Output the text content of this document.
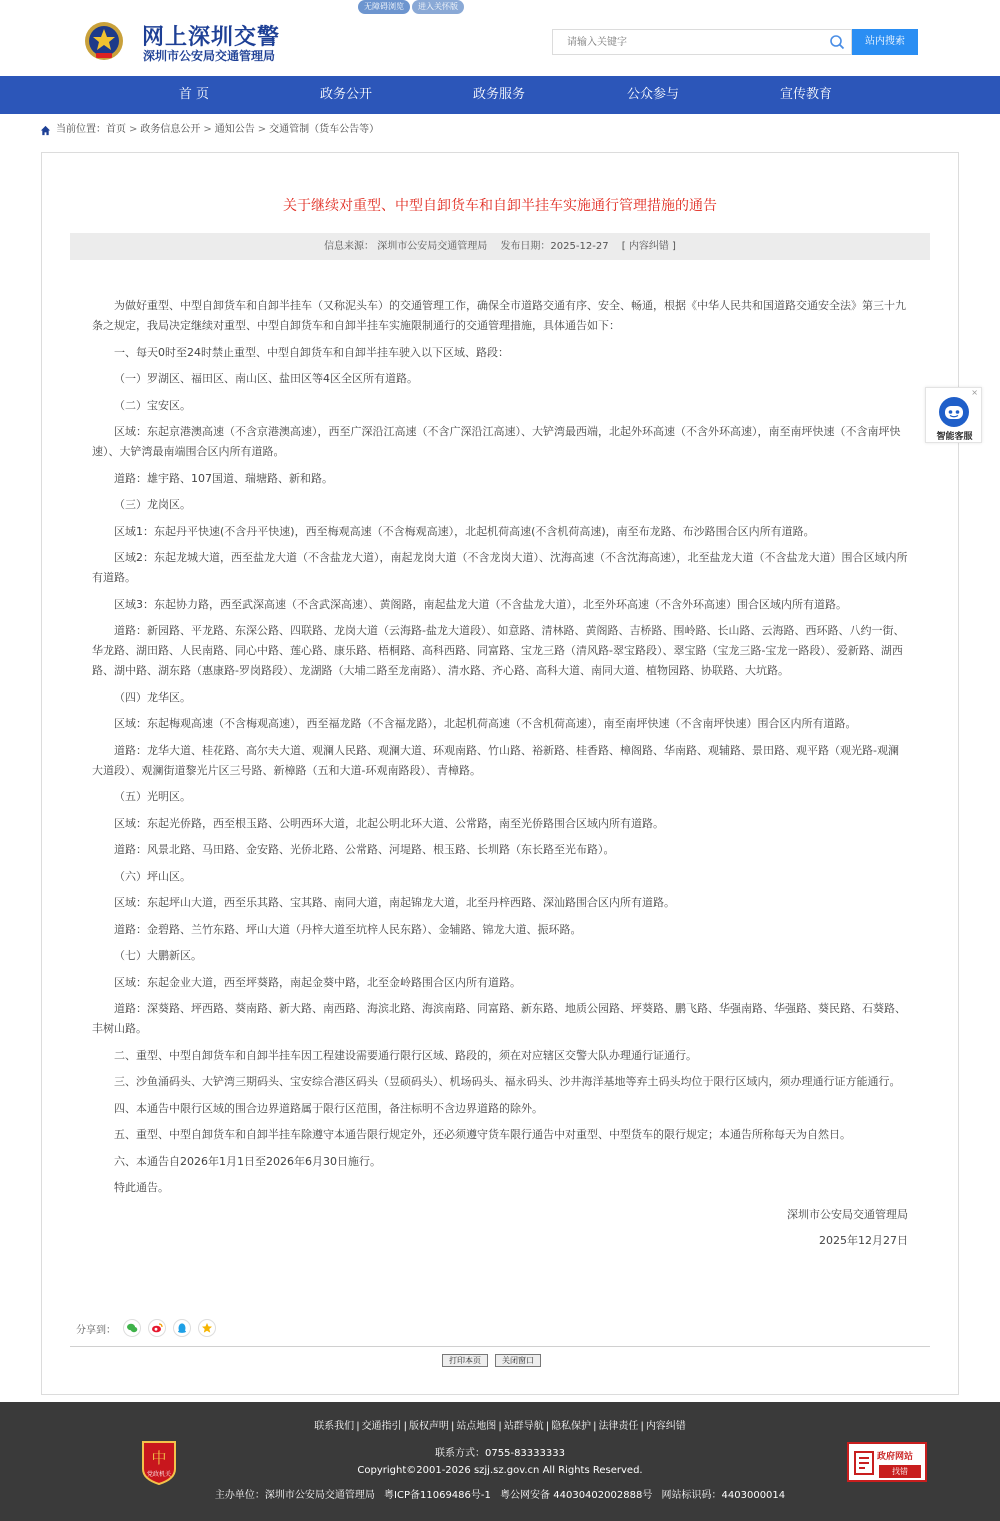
无障碍浏览	进入关怀版
网上深圳交警
深圳市公安局交通管理局
请输入关键字
站内搜索
首 页	政务公开	政务服务	公众参与	宣传教育
当前位置： 首页 > 政务信息公开 > 通知公告 > 交通管制（货车公告等）
关于继续对重型、中型自卸货车和自卸半挂车实施通行管理措施的通告
信息来源： 深圳市公安局交通管理局 发布日期：2025-12-27 [ 内容纠错 ]

为做好重型、中型自卸货车和自卸半挂车（又称泥头车）的交通管理工作，确保全市道路交通有序、安全、畅通，根据《中华人民共和国道路交通安全法》第三十九条之规定，我局决定继续对重型、中型自卸货车和自卸半挂车实施限制通行的交通管理措施，具体通告如下：

一、每天0时至24时禁止重型、中型自卸货车和自卸半挂车驶入以下区域、路段：

（一）罗湖区、福田区、南山区、盐田区等4区全区所有道路。

（二）宝安区。

区域：东起京港澳高速（不含京港澳高速），西至广深沿江高速（不含广深沿江高速）、大铲湾最西端，北起外环高速（不含外环高速），南至南坪快速（不含南坪快速）、大铲湾最南端围合区内所有道路。

道路：雄宇路、107国道、瑞塘路、新和路。

（三）龙岗区。

区域1：东起丹平快速(不含丹平快速)，西至梅观高速（不含梅观高速），北起机荷高速(不含机荷高速)，南至布龙路、布沙路围合区内所有道路。

区域2：东起龙城大道，西至盐龙大道（不含盐龙大道），南起龙岗大道（不含龙岗大道）、沈海高速（不含沈海高速），北至盐龙大道（不含盐龙大道）围合区域内所有道路。

区域3：东起协力路，西至武深高速（不含武深高速）、黄阁路，南起盐龙大道（不含盐龙大道），北至外环高速（不含外环高速）围合区域内所有道路。

道路：新园路、平龙路、东深公路、四联路、龙岗大道（云海路-盐龙大道段）、如意路、清林路、黄阁路、吉桥路、围岭路、长山路、云海路、西环路、八约一街、华龙路、湖田路、人民南路、同心中路、莲心路、康乐路、梧桐路、高科西路、同富路、宝龙三路（清风路-翠宝路段）、翠宝路（宝龙三路-宝龙一路段）、爱新路、湖西路、湖中路、湖东路（惠康路-罗岗路段）、龙湖路（大埔二路至龙南路）、清水路、齐心路、高科大道、南同大道、植物园路、协联路、大坑路。

（四）龙华区。

区域：东起梅观高速（不含梅观高速），西至福龙路（不含福龙路），北起机荷高速（不含机荷高速），南至南坪快速（不含南坪快速）围合区内所有道路。

道路：龙华大道、桂花路、高尔夫大道、观澜人民路、观澜大道、环观南路、竹山路、裕新路、桂香路、樟阁路、华南路、观辅路、景田路、观平路（观光路-观澜大道段）、观澜街道黎光片区三号路、新樟路（五和大道-环观南路段）、青樟路。

（五）光明区。

区域：东起光侨路，西至根玉路、公明西环大道，北起公明北环大道、公常路，南至光侨路围合区域内所有道路。

道路：风景北路、马田路、金安路、光侨北路、公常路、河堤路、根玉路、长圳路（东长路至光布路）。

（六）坪山区。

区域：东起坪山大道，西至乐其路、宝其路、南同大道，南起锦龙大道，北至丹梓西路、深汕路围合区内所有道路。

道路：金碧路、兰竹东路、坪山大道（丹梓大道至坑梓人民东路）、金辅路、锦龙大道、振环路。

（七）大鹏新区。

区域：东起金业大道，西至坪葵路，南起金葵中路，北至金岭路围合区内所有道路。

道路：深葵路、坪西路、葵南路、新大路、南西路、海滨北路、海滨南路、同富路、新东路、地质公园路、坪葵路、鹏飞路、华强南路、华强路、葵民路、石葵路、丰树山路。

二、重型、中型自卸货车和自卸半挂车因工程建设需要通行限行区域、路段的，须在对应辖区交警大队办理通行证通行。

三、沙鱼涌码头、大铲湾三期码头、宝安综合港区码头（昱硕码头）、机场码头、福永码头、沙井海洋基地等弃土码头均位于限行区域内，须办理通行证方能通行。

四、本通告中限行区域的围合边界道路属于限行区范围，备注标明不含边界道路的除外。

五、重型、中型自卸货车和自卸半挂车除遵守本通告限行规定外，还必须遵守货车限行通告中对重型、中型货车的限行规定；本通告所称每天为自然日。

六、本通告自2026年1月1日至2026年6月30日施行。

特此通告。

深圳市公安局交通管理局

2025年12月27日

分享到：
打印本页	关闭窗口
×
智能客服
联系我们 | 交通指引 | 版权声明 | 站点地图 | 站群导航 | 隐私保护 | 法律责任 | 内容纠错
联系方式：0755-83333333
Copyright©2001-2026 szjj.sz.gov.cn All Rights Reserved.
主办单位：深圳市公安局交通管理局 粤ICP备11069486号-1 粤公网安备 44030402002888号 网站标识码：4403000014
中
党政机关
政府网站
找错
